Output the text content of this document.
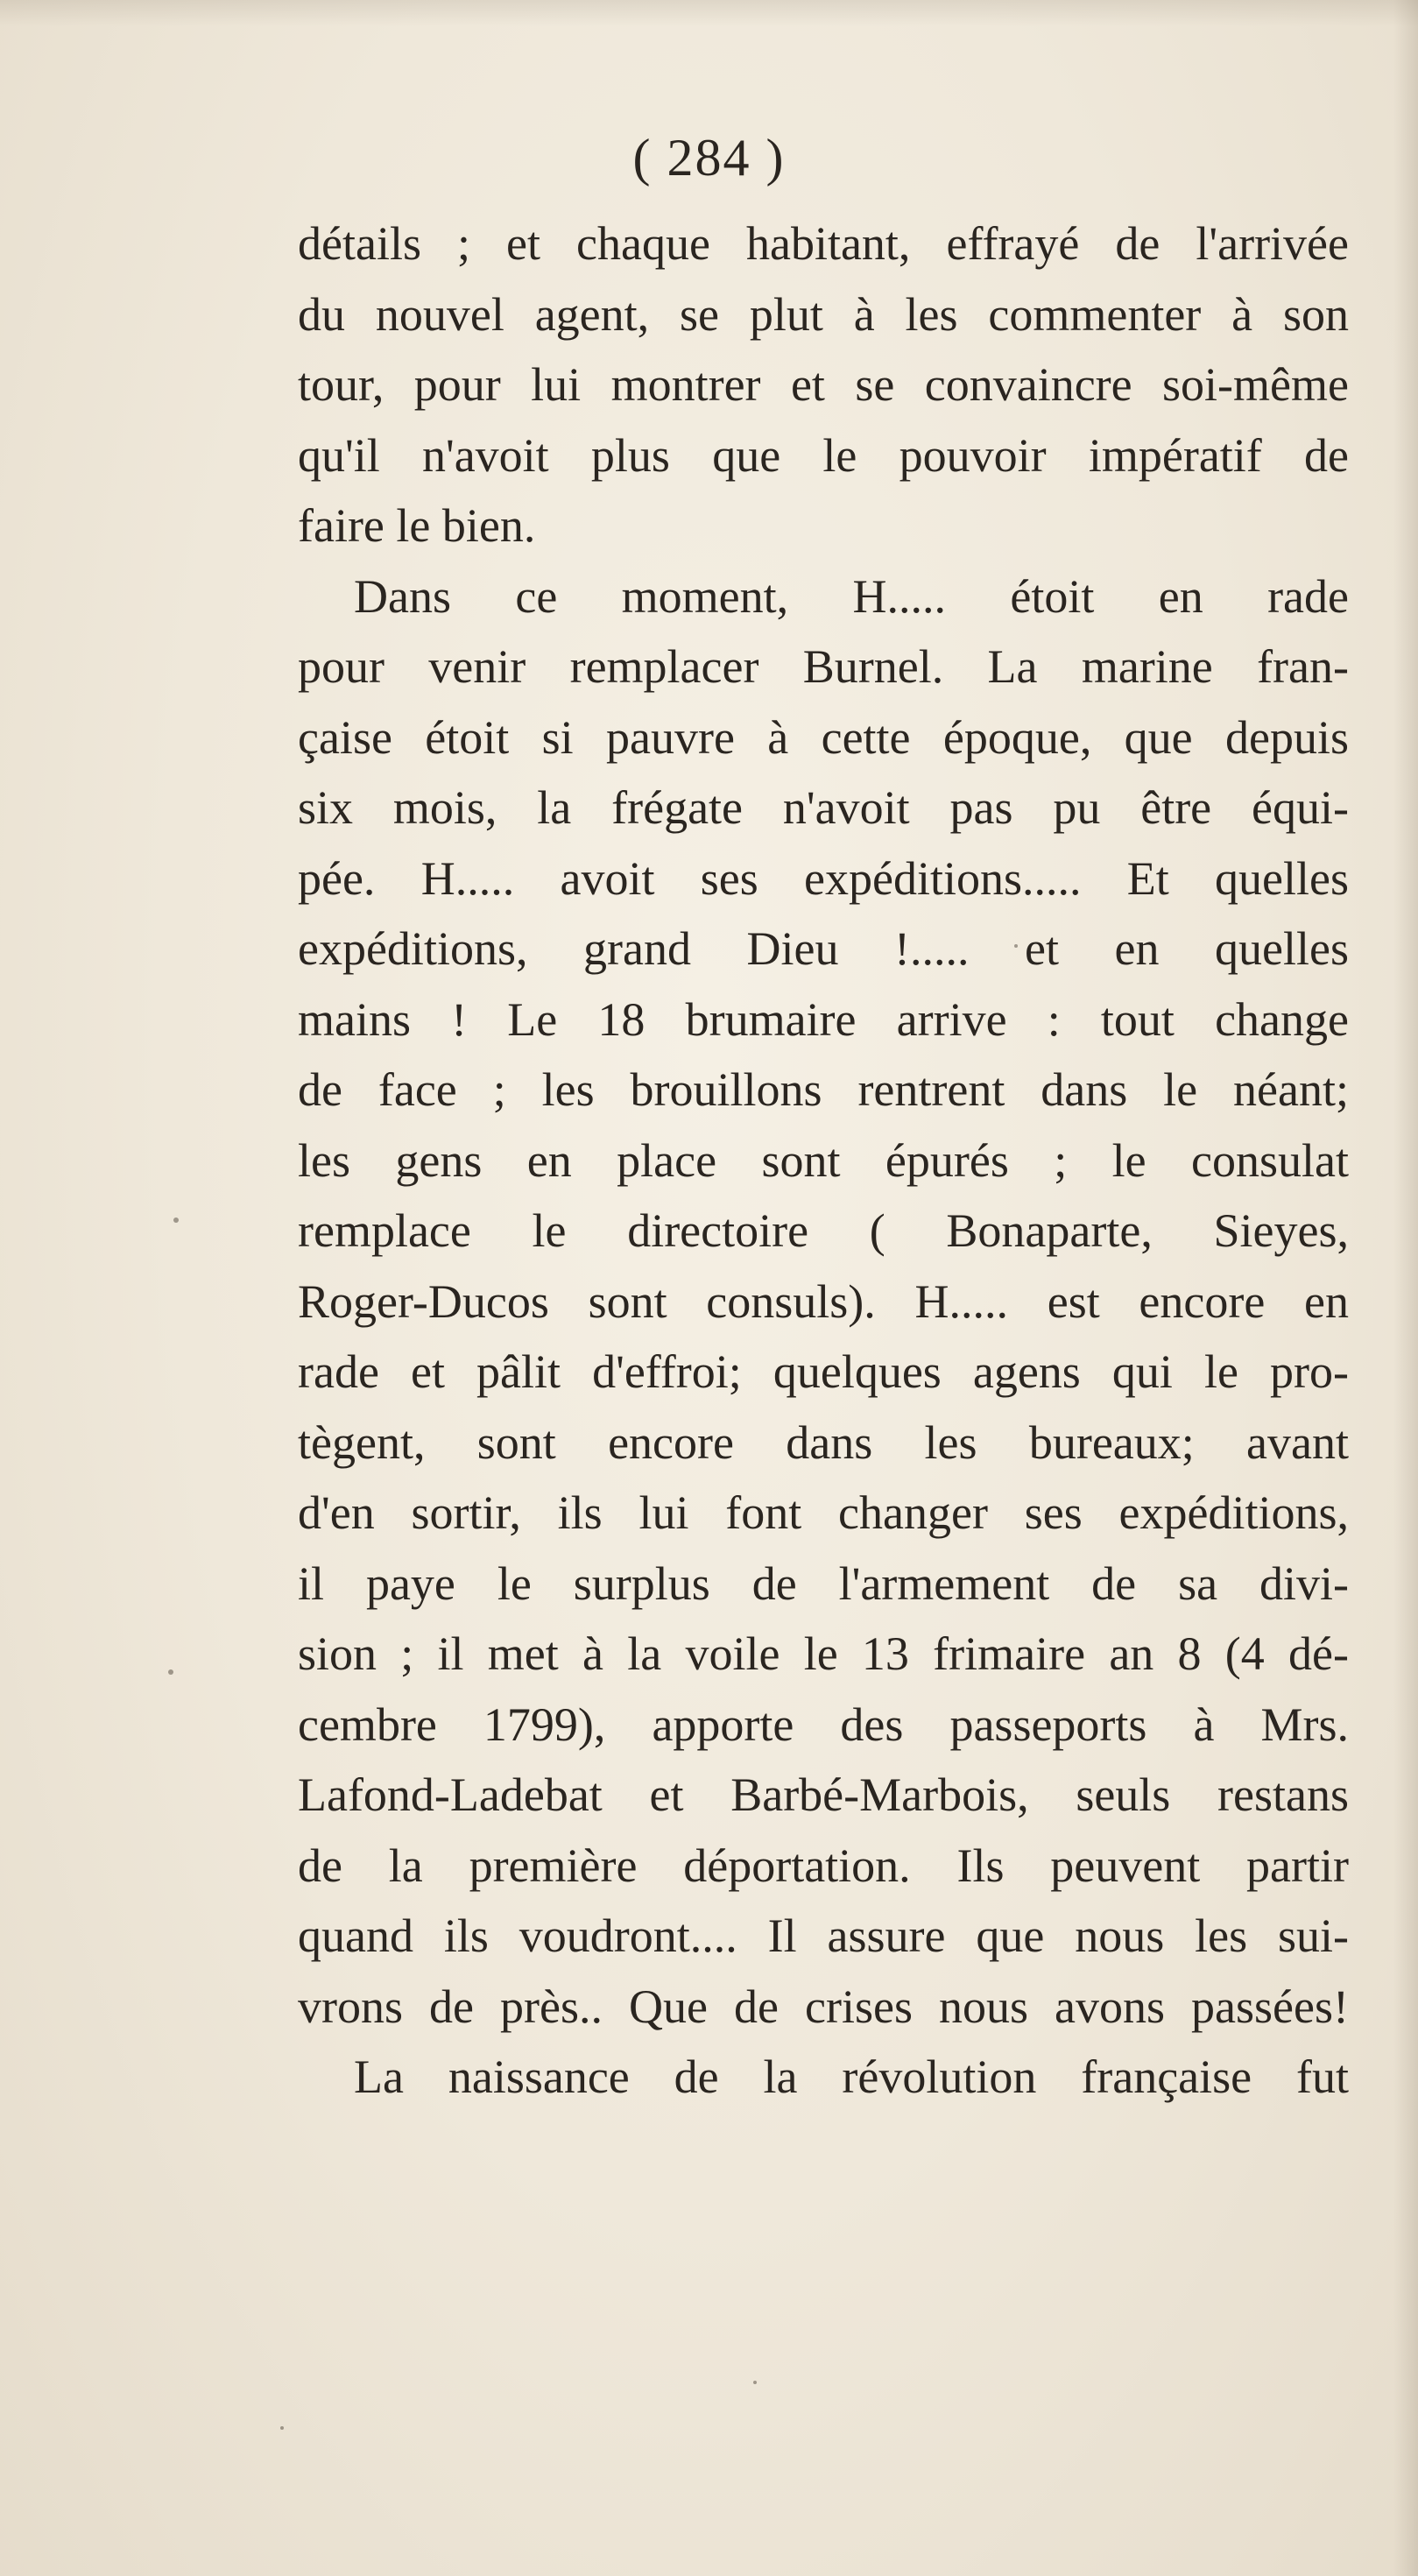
( 284 )
détails ; et chaque habitant, effrayé de l'arrivée
du nouvel agent, se plut à les commenter à son
tour, pour lui montrer et se convaincre soi-même
qu'il n'avoit plus que le pouvoir impératif de
faire le bien.
Dans ce moment, H..... étoit en rade
pour venir remplacer Burnel. La marine fran-
çaise étoit si pauvre à cette époque, que depuis
six mois, la frégate n'avoit pas pu être équi-
pée. H..... avoit ses expéditions..... Et quelles
expéditions, grand Dieu !..... et en quelles
mains ! Le 18 brumaire arrive : tout change
de face ; les brouillons rentrent dans le néant;
les gens en place sont épurés ; le consulat
remplace le directoire ( Bonaparte, Sieyes,
Roger-Ducos sont consuls). H..... est encore en
rade et pâlit d'effroi; quelques agens qui le pro-
tègent, sont encore dans les bureaux; avant
d'en sortir, ils lui font changer ses expéditions,
il paye le surplus de l'armement de sa divi-
sion ; il met à la voile le 13 frimaire an 8 (4 dé-
cembre 1799), apporte des passeports à Mrs.
Lafond-Ladebat et Barbé-Marbois, seuls restans
de la première déportation. Ils peuvent partir
quand ils voudront.... Il assure que nous les sui-
vrons de près.. Que de crises nous avons passées!
La naissance de la révolution française fut
